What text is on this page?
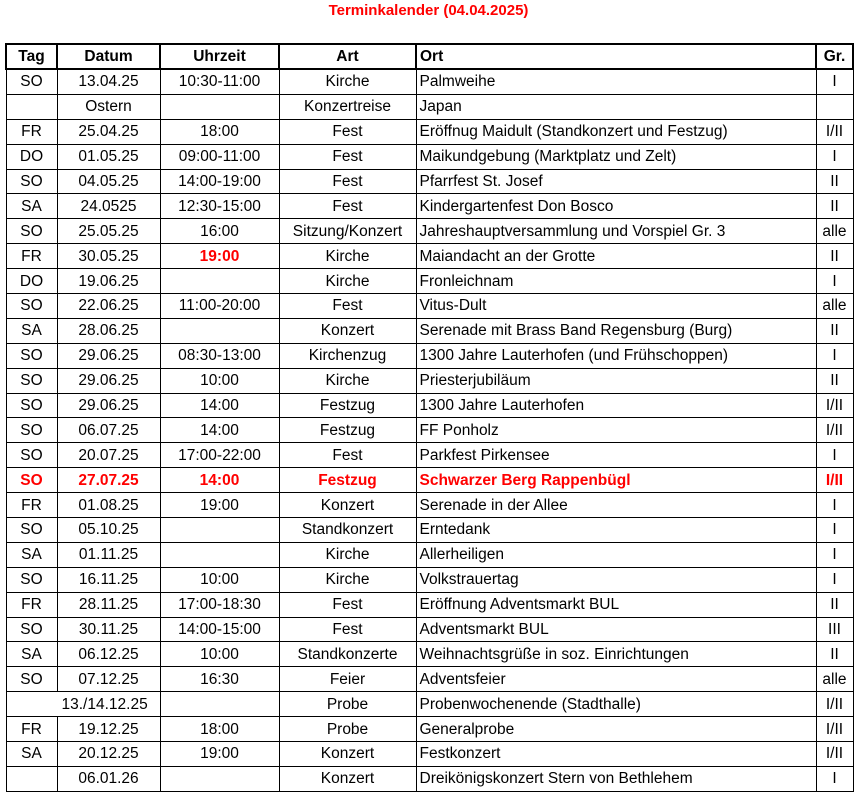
Terminkalender (04.04.2025)
Tag	Datum	Uhrzeit	Art	Ort	Gr.
SO	13.04.25	10:30-11:00	Kirche	Palmweihe	I
	Ostern		Konzertreise	Japan	
FR	25.04.25	18:00	Fest	Eröffnug Maidult (Standkonzert und Festzug)	I/II
DO	01.05.25	09:00-11:00	Fest	Maikundgebung (Marktplatz und Zelt)	I
SO	04.05.25	14:00-19:00	Fest	Pfarrfest St. Josef	II
SA	24.0525	12:30-15:00	Fest	Kindergartenfest Don Bosco	II
SO	25.05.25	16:00	Sitzung/Konzert	Jahreshauptversammlung und Vorspiel Gr. 3	alle
FR	30.05.25	19:00	Kirche	Maiandacht an der Grotte	II
DO	19.06.25		Kirche	Fronleichnam	I
SO	22.06.25	11:00-20:00	Fest	Vitus-Dult	alle
SA	28.06.25		Konzert	Serenade mit Brass Band Regensburg (Burg)	II
SO	29.06.25	08:30-13:00	Kirchenzug	1300 Jahre Lauterhofen (und Frühschoppen)	I
SO	29.06.25	10:00	Kirche	Priesterjubiläum	II
SO	29.06.25	14:00	Festzug	1300 Jahre Lauterhofen	I/II
SO	06.07.25	14:00	Festzug	FF Ponholz	I/II
SO	20.07.25	17:00-22:00	Fest	Parkfest Pirkensee	I
SO	27.07.25	14:00	Festzug	Schwarzer Berg Rappenbügl	I/II
FR	01.08.25	19:00	Konzert	Serenade in der Allee	I
SO	05.10.25		Standkonzert	Erntedank	I
SA	01.11.25		Kirche	Allerheiligen	I
SO	16.11.25	10:00	Kirche	Volkstrauertag	I
FR	28.11.25	17:00-18:30	Fest	Eröffnung Adventsmarkt BUL	II
SO	30.11.25	14:00-15:00	Fest	Adventsmarkt BUL	III
SA	06.12.25	10:00	Standkonzerte	Weihnachtsgrüße in soz. Einrichtungen	II
SO	07.12.25	16:30	Feier	Adventsfeier	alle
13./14.12.25			Probe	Probenwochenende (Stadthalle)	I/II
FR	19.12.25	18:00	Probe	Generalprobe	I/II
SA	20.12.25	19:00	Konzert	Festkonzert	I/II
	06.01.26		Konzert	Dreikönigskonzert Stern von Bethlehem	I
